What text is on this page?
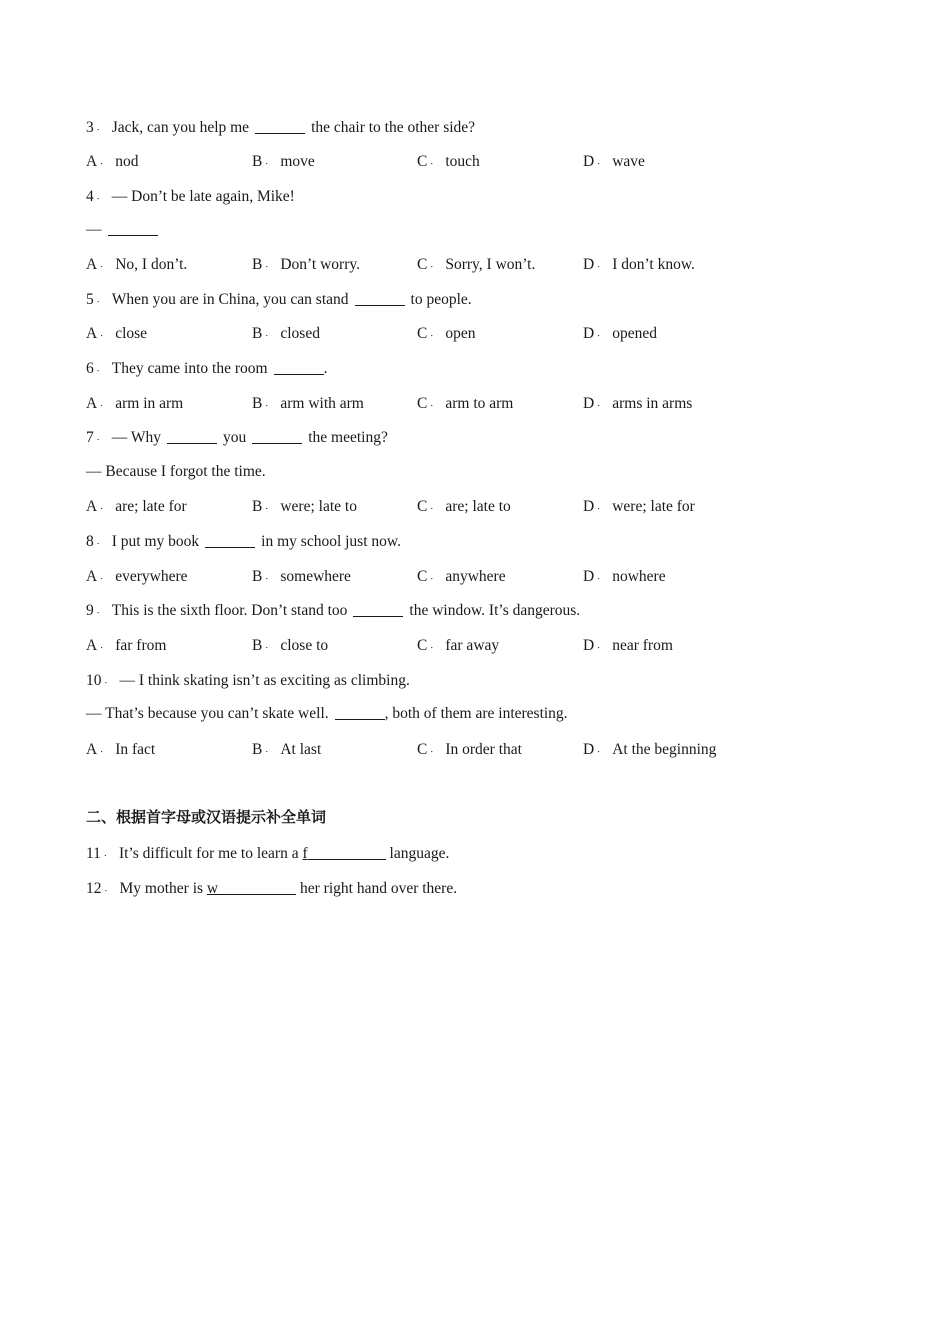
3 ． Jack, can you help me	the chair to the other side?
A ． nod	B ． move	C ． touch	D ． wave
4 ． — Don’t be late again, Mike!
—
A ． No, I don’t.	B ． Don’t worry.	C ． Sorry, I won’t.	D ． I don’t know.
5 ． When you are in China, you can stand	to people.
A ． close	B ． closed	C ． open	D ． opened
6 ． They came into the room	.
A ． arm in arm	B ． arm with arm	C ． arm to arm	D ． arms in arms
7 ． — Why	you	the meeting?
— Because I forgot the time.
A ． are; late for	B ． were; late to	C ． are; late to	D ． were; late for
8 ． I put my book	in my school just now.
A ． everywhere	B ． somewhere	C ． anywhere	D ． nowhere
9 ． This is the sixth floor. Don’t stand too	the window. It’s dangerous.
A ． far from	B ． close to	C ． far away	D ． near from
10 ． — I think skating isn’t as exciting as climbing.
— That’s because you can’t skate well.	, both of them are interesting.
A ． In fact	B ． At last	C ． In order that	D ． At the beginning
二、根据首字母或汉语提示补全单词
11 ． It’s difficult for me to learn a f	language.
12 ． My mother is w	her right hand over there.
